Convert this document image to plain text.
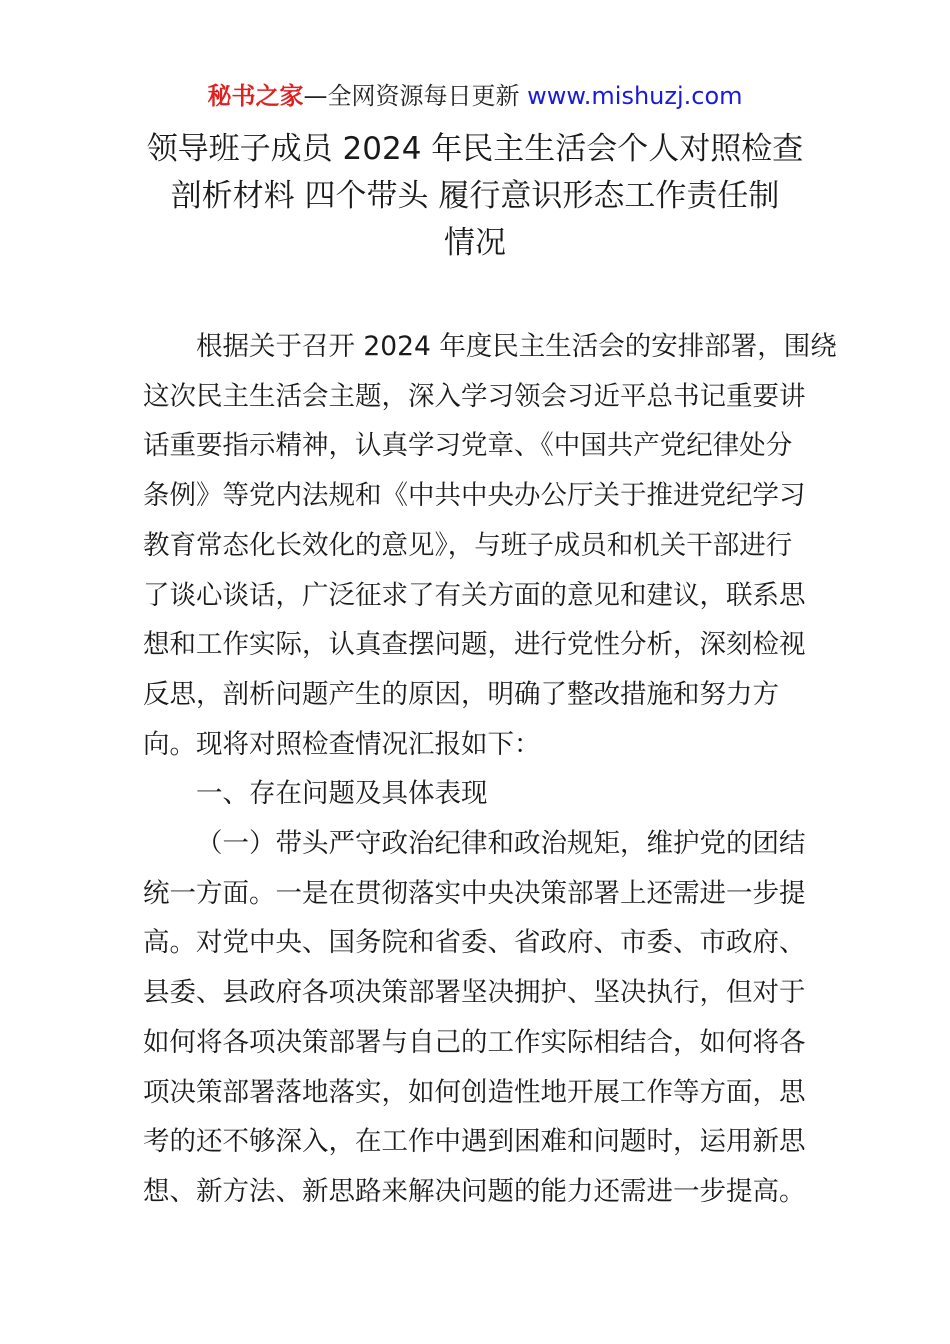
秘书之家—全网资源每日更新 www.mishuzj.com
领导班子成员 2024 年民主生活会个人对照检查
剖析材料 四个带头 履行意识形态工作责任制
情况

根据关于召开 2024 年度民主生活会的安排部署，围绕
这次民主生活会主题，深入学习领会习近平总书记重要讲
话重要指示精神，认真学习党章、《中国共产党纪律处分
条例》等党内法规和《中共中央办公厅关于推进党纪学习
教育常态化长效化的意见》，与班子成员和机关干部进行
了谈心谈话，广泛征求了有关方面的意见和建议，联系思
想和工作实际，认真查摆问题，进行党性分析，深刻检视
反思，剖析问题产生的原因，明确了整改措施和努力方
向。现将对照检查情况汇报如下：

一、存在问题及具体表现

（一）带头严守政治纪律和政治规矩，维护党的团结
统一方面。一是在贯彻落实中央决策部署上还需进一步提
高。对党中央、国务院和省委、省政府、市委、市政府、
县委、县政府各项决策部署坚决拥护、坚决执行，但对于
如何将各项决策部署与自己的工作实际相结合，如何将各
项决策部署落地落实，如何创造性地开展工作等方面，思
考的还不够深入，在工作中遇到困难和问题时，运用新思
想、新方法、新思路来解决问题的能力还需进一步提高。
